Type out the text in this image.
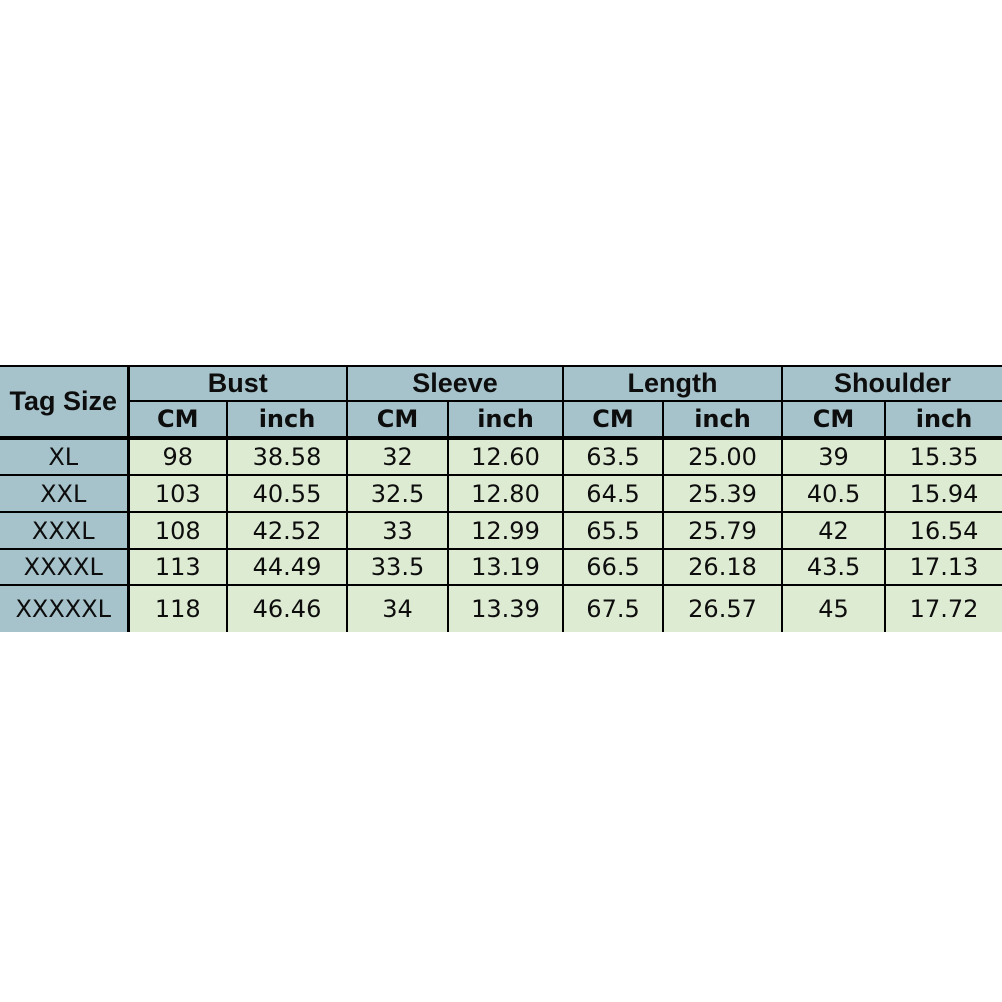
Tag Size	Bust		Sleeve		Length		Shoulder	
	CM	inch	CM	inch	CM	inch	CM	inch
XL	98	38.58	32	12.60	63.5	25.00	39	15.35
XXL	103	40.55	32.5	12.80	64.5	25.39	40.5	15.94
XXXL	108	42.52	33	12.99	65.5	25.79	42	16.54
XXXXL	113	44.49	33.5	13.19	66.5	26.18	43.5	17.13
XXXXXL	118	46.46	34	13.39	67.5	26.57	45	17.72
